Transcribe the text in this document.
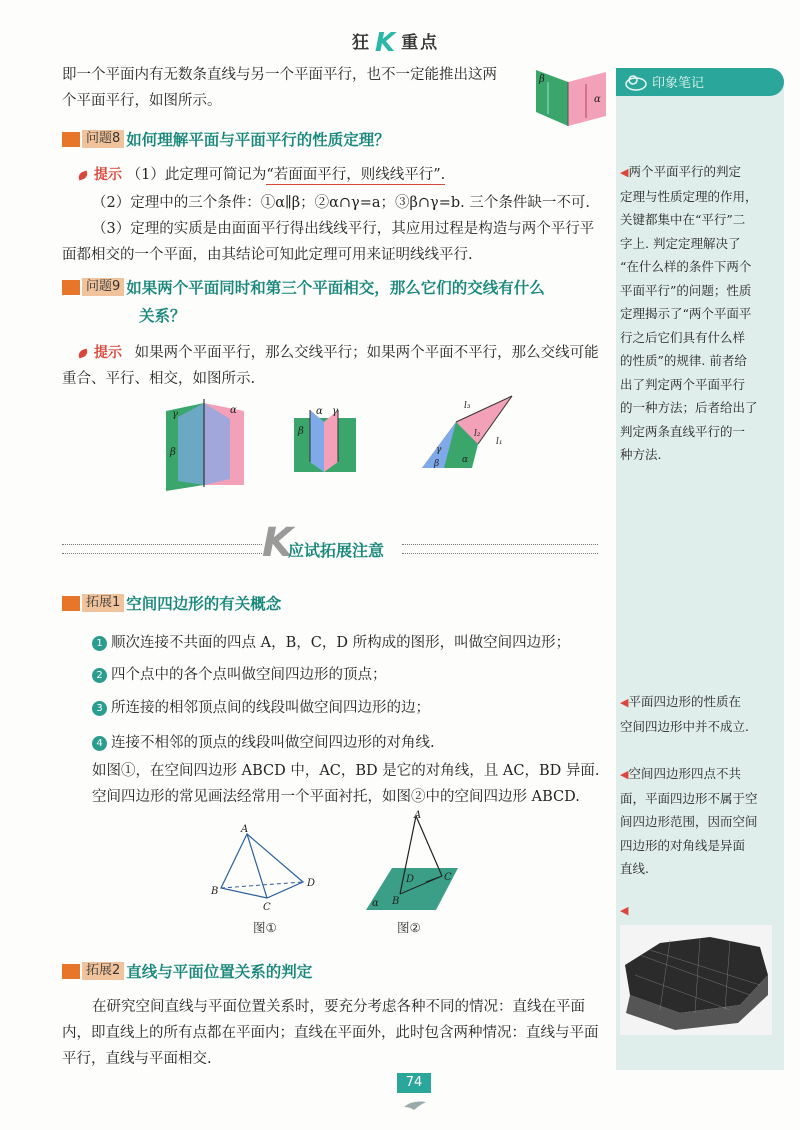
狂 K 重点
印象笔记
◀两个平面平行的判定
定理与性质定理的作用，
关键都集中在“平行”二
字上. 判定定理解决了
“在什么样的条件下两个
平面平行”的问题；性质
定理揭示了“两个平面平
行之后它们具有什么样
的性质”的规律. 前者给
出了判定两个平面平行
的一种方法；后者给出了
判定两条直线平行的一
种方法.
◀平面四边形的性质在
空间四边形中并不成立.
◀空间四边形四点不共
面，平面四边形不属于空
间四边形范围，因而空间
四边形的对角线是异面
直线.
◀
即一个平面内有无数条直线与另一个平面平行，也不一定能推出这两
个平面平行，如图所示。
β
α
问题8 如何理解平面与平面平行的性质定理？
提示 （1）此定理可简记为“若面面平行，则线线平行”.
（2）定理中的三个条件：①α∥β；②α∩γ=a；③β∩γ=b. 三个条件缺一不可.
（3）定理的实质是由面面平行得出线线平行，其应用过程是构造与两个平行平
面都相交的一个平面，由其结论可知此定理可用来证明线线平行.
问题9 如果两个平面同时和第三个平面相交，那么它们的交线有什么
关系？
提示 如果两个平面平行，那么交线平行；如果两个平面不平行，那么交线可能
重合、平行、相交，如图所示.
γ	α
β
α γ
β
l₃
l₂
l₁
γ
β	α
K
应试拓展注意
拓展1 空间四边形的有关概念
1 顺次连接不共面的四点 A，B，C，D 所构成的图形，叫做空间四边形；
2 四个点中的各个点叫做空间四边形的顶点；
3 所连接的相邻顶点间的线段叫做空间四边形的边；
4 连接不相邻的顶点的线段叫做空间四边形的对角线.
如图①，在空间四边形 ABCD 中，AC，BD 是它的对角线，且 AC，BD 异面.
空间四边形的常见画法经常用一个平面衬托，如图②中的空间四边形 ABCD.
A
B
C
D
图①
A
D	C
B
α
图②
拓展2 直线与平面位置关系的判定
在研究空间直线与平面位置关系时，要充分考虑各种不同的情况：直线在平面
内，即直线上的所有点都在平面内；直线在平面外，此时包含两种情况：直线与平面
平行，直线与平面相交.
74
